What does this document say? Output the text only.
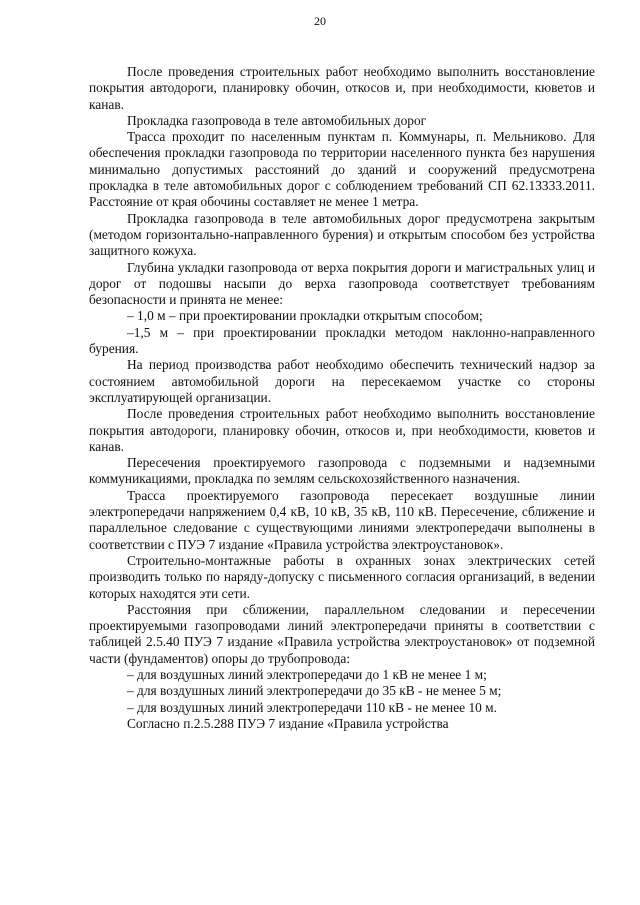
20

После проведения строительных работ необходимо выполнить восстановление покрытия автодороги, планировку обочин, откосов и, при необходимости, кюветов и канав.

Прокладка газопровода в теле автомобильных дорог

Трасса проходит по населенным пунктам п. Коммунары, п. Мельниково. Для обеспечения прокладки газопровода по территории населенного пункта без нарушения минимально допустимых расстояний до зданий и сооружений предусмотрена прокладка в теле автомобильных дорог с соблюдением требований СП 62.13333.2011. Расстояние от края обочины составляет не менее 1 метра.

Прокладка газопровода в теле автомобильных дорог предусмотрена закрытым (методом горизонтально-направленного бурения) и открытым способом без устройства защитного кожуха.

Глубина укладки газопровода от верха покрытия дороги и магистральных улиц и дорог от подошвы насыпи до верха газопровода соответствует требованиям безопасности и принята не менее:

– 1,0 м – при проектировании прокладки открытым способом;

–1,5 м – при проектировании прокладки методом наклонно-направленного бурения.

На период производства работ необходимо обеспечить технический надзор за состоянием автомобильной дороги на пересекаемом участке со стороны эксплуатирующей организации.

После проведения строительных работ необходимо выполнить восстановление покрытия автодороги, планировку обочин, откосов и, при необходимости, кюветов и канав.

Пересечения проектируемого газопровода с подземными и надземными коммуникациями, прокладка по землям сельскохозяйственного назначения.

Трасса проектируемого газопровода пересекает воздушные линии электропередачи напряжением 0,4 кВ, 10 кВ, 35 кВ, 110 кВ. Пересечение, сближение и параллельное следование с существующими линиями электропередачи выполнены в соответствии с ПУЭ 7 издание «Правила устройства электроустановок».

Строительно-монтажные работы в охранных зонах электрических сетей производить только по наряду-допуску с письменного согласия организаций, в ведении которых находятся эти сети.

Расстояния при сближении, параллельном следовании и пересечении проектируемыми газопроводами линий электропередачи приняты в соответствии с таблицей 2.5.40 ПУЭ 7 издание «Правила устройства электроустановок» от подземной части (фундаментов) опоры до трубопровода:

– для воздушных линий электропередачи до 1 кВ не менее 1 м;

– для воздушных линий электропередачи до 35 кВ - не менее 5 м;

– для воздушных линий электропередачи 110 кВ - не менее 10 м.

Согласно п.2.5.288 ПУЭ 7 издание «Правила устройства
